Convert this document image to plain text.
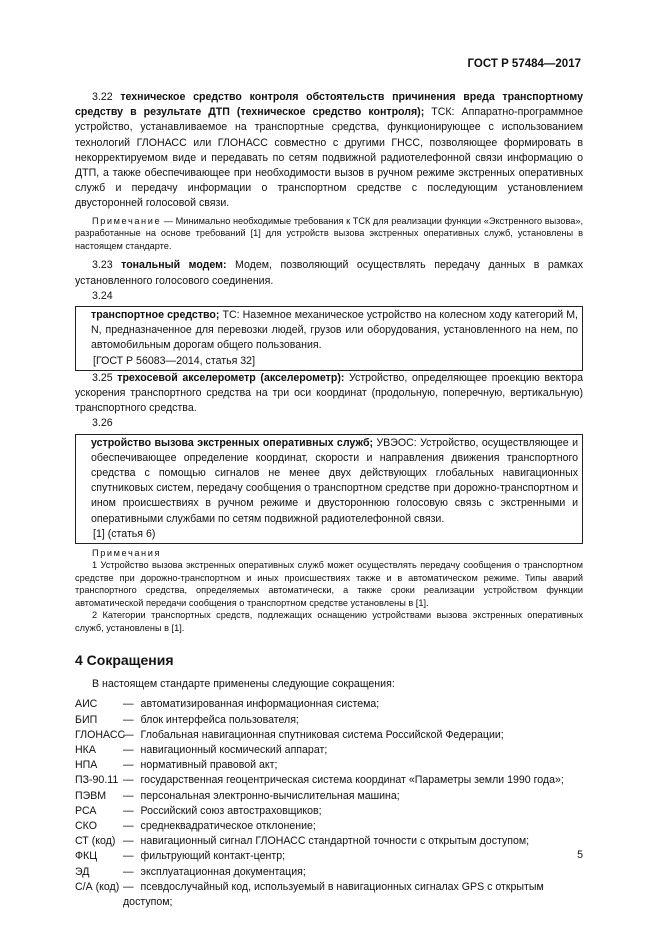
ГОСТ Р 57484—2017

3.22 техническое средство контроля обстоятельств причинения вреда транспортному средству в результате ДТП (техническое средство контроля); ТСК: Аппаратно-программное устройство, устанавливаемое на транспортные средства, функционирующее с использованием технологий ГЛОНАСС или ГЛОНАСС совместно с другими ГНСС, позволяющее формировать в некорректируемом виде и передавать по сетям подвижной радиотелефонной связи информацию о ДТП, а также обеспечивающее при необходимости вызов в ручном режиме экстренных оперативных служб и передачу информации о транспортном средстве с последующим установлением двусторонней голосовой связи.

Примечание — Минимально необходимые требования к ТСК для реализации функции «Экстренного вызова», разработанные на основе требований [1] для устройств вызова экстренных оперативных служб, установлены в настоящем стандарте.

3.23 тональный модем: Модем, позволяющий осуществлять передачу данных в рамках установленного голосового соединения.

3.24

транспортное средство; ТС: Наземное механическое устройство на колесном ходу категорий M, N, предназначенное для перевозки людей, грузов или оборудования, установленного на нем, по автомобильным дорогам общего пользования.

[ГОСТ Р 56083—2014, статья 32]

3.25 трехосевой акселерометр (акселерометр): Устройство, определяющее проекцию вектора ускорения транспортного средства на три оси координат (продольную, поперечную, вертикальную) транспортного средства.

3.26

устройство вызова экстренных оперативных служб; УВЭОС: Устройство, осуществляющее и обеспечивающее определение координат, скорости и направления движения транспортного средства с помощью сигналов не менее двух действующих глобальных навигационных спутниковых систем, передачу сообщения о транспортном средстве при дорожно-транспортном и ином происшествиях в ручном режиме и двустороннюю голосовую связь с экстренными и оперативными службами по сетям подвижной радиотелефонной связи.

[1] (статья 6)

Примечания

1 Устройство вызова экстренных оперативных служб может осуществлять передачу сообщения о транспортном средстве при дорожно-транспортном и иных происшествиях также и в автоматическом режиме. Типы аварий транспортного средства, определяемых автоматически, а также сроки реализации устройством функции автоматической передачи сообщения о транспортном средстве установлены в [1].

2 Категории транспортных средств, подлежащих оснащению устройствами вызова экстренных оперативных служб, установлены в [1].

4 Сокращения

В настоящем стандарте применены следующие сокращения:

АИС	— автоматизированная информационная система;
БИП	— блок интерфейса пользователя;
ГЛОНАСС
— Глобальная навигационная спутниковая система Российской Федерации;
НКА	— навигационный космический аппарат;
НПА	— нормативный правовой акт;
ПЗ-90.11 — государственная геоцентрическая система координат «Параметры земли 1990 года»;
ПЭВМ	— персональная электронно-вычислительная машина;
РСА	— Российский союз автостраховщиков;
СКО	— среднеквадратическое отклонение;
СТ (код) — навигационный сигнал ГЛОНАСС стандартной точности с открытым доступом;
ФКЦ	— фильтрующий контакт-центр;
ЭД	— эксплуатационная документация;
С/А (код) — псевдослучайный код, используемый в навигационных сигналах GPS с открытым доступом;
5
